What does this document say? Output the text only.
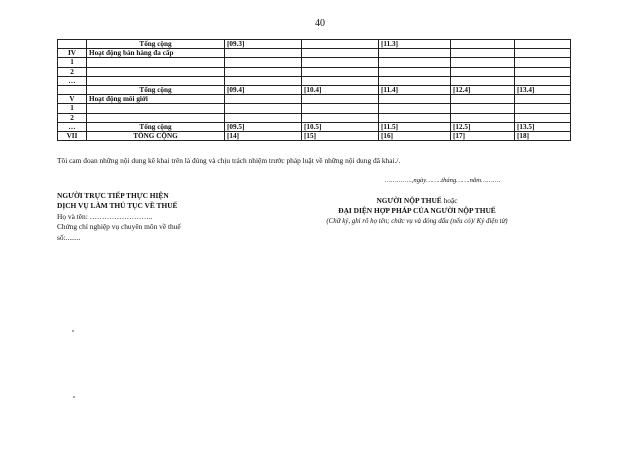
40
	Tổng cộng	[09.3]		[11.3]		
IV	Hoạt động bán hàng đa cấp					
1						
2						
…						
	Tổng cộng	[09.4]	[10.4]	[11.4]	[12.4]	[13.4]
V	Hoạt động môi giới					
1						
2						
…	Tổng cộng	[09.5]	[10.5]	[11.5]	[12.5]	[13.5]
VII	TỔNG CỘNG	[14]	[15]	[16]	[17]	[18]
Tôi cam đoan những nội dung kê khai trên là đúng và chịu trách nhiệm trước pháp luật về những nội dung đã khai./.
…………..,ngày……..tháng…….năm……….
NGƯỜI TRỰC TIẾP THỰC HIỆN
DỊCH VỤ LÀM THỦ TỤC VỀ THUẾ
Họ và tên: ……………………..
Chứng chỉ nghiệp vụ chuyên môn về thuế
số:........
NGƯỜI NỘP THUẾ hoặc
ĐẠI DIỆN HỢP PHÁP CỦA NGƯỜI NỘP THUẾ
(Chữ ký, ghi rõ họ tên; chức vụ và đóng dấu (nếu có)/ Ký điện tử)
